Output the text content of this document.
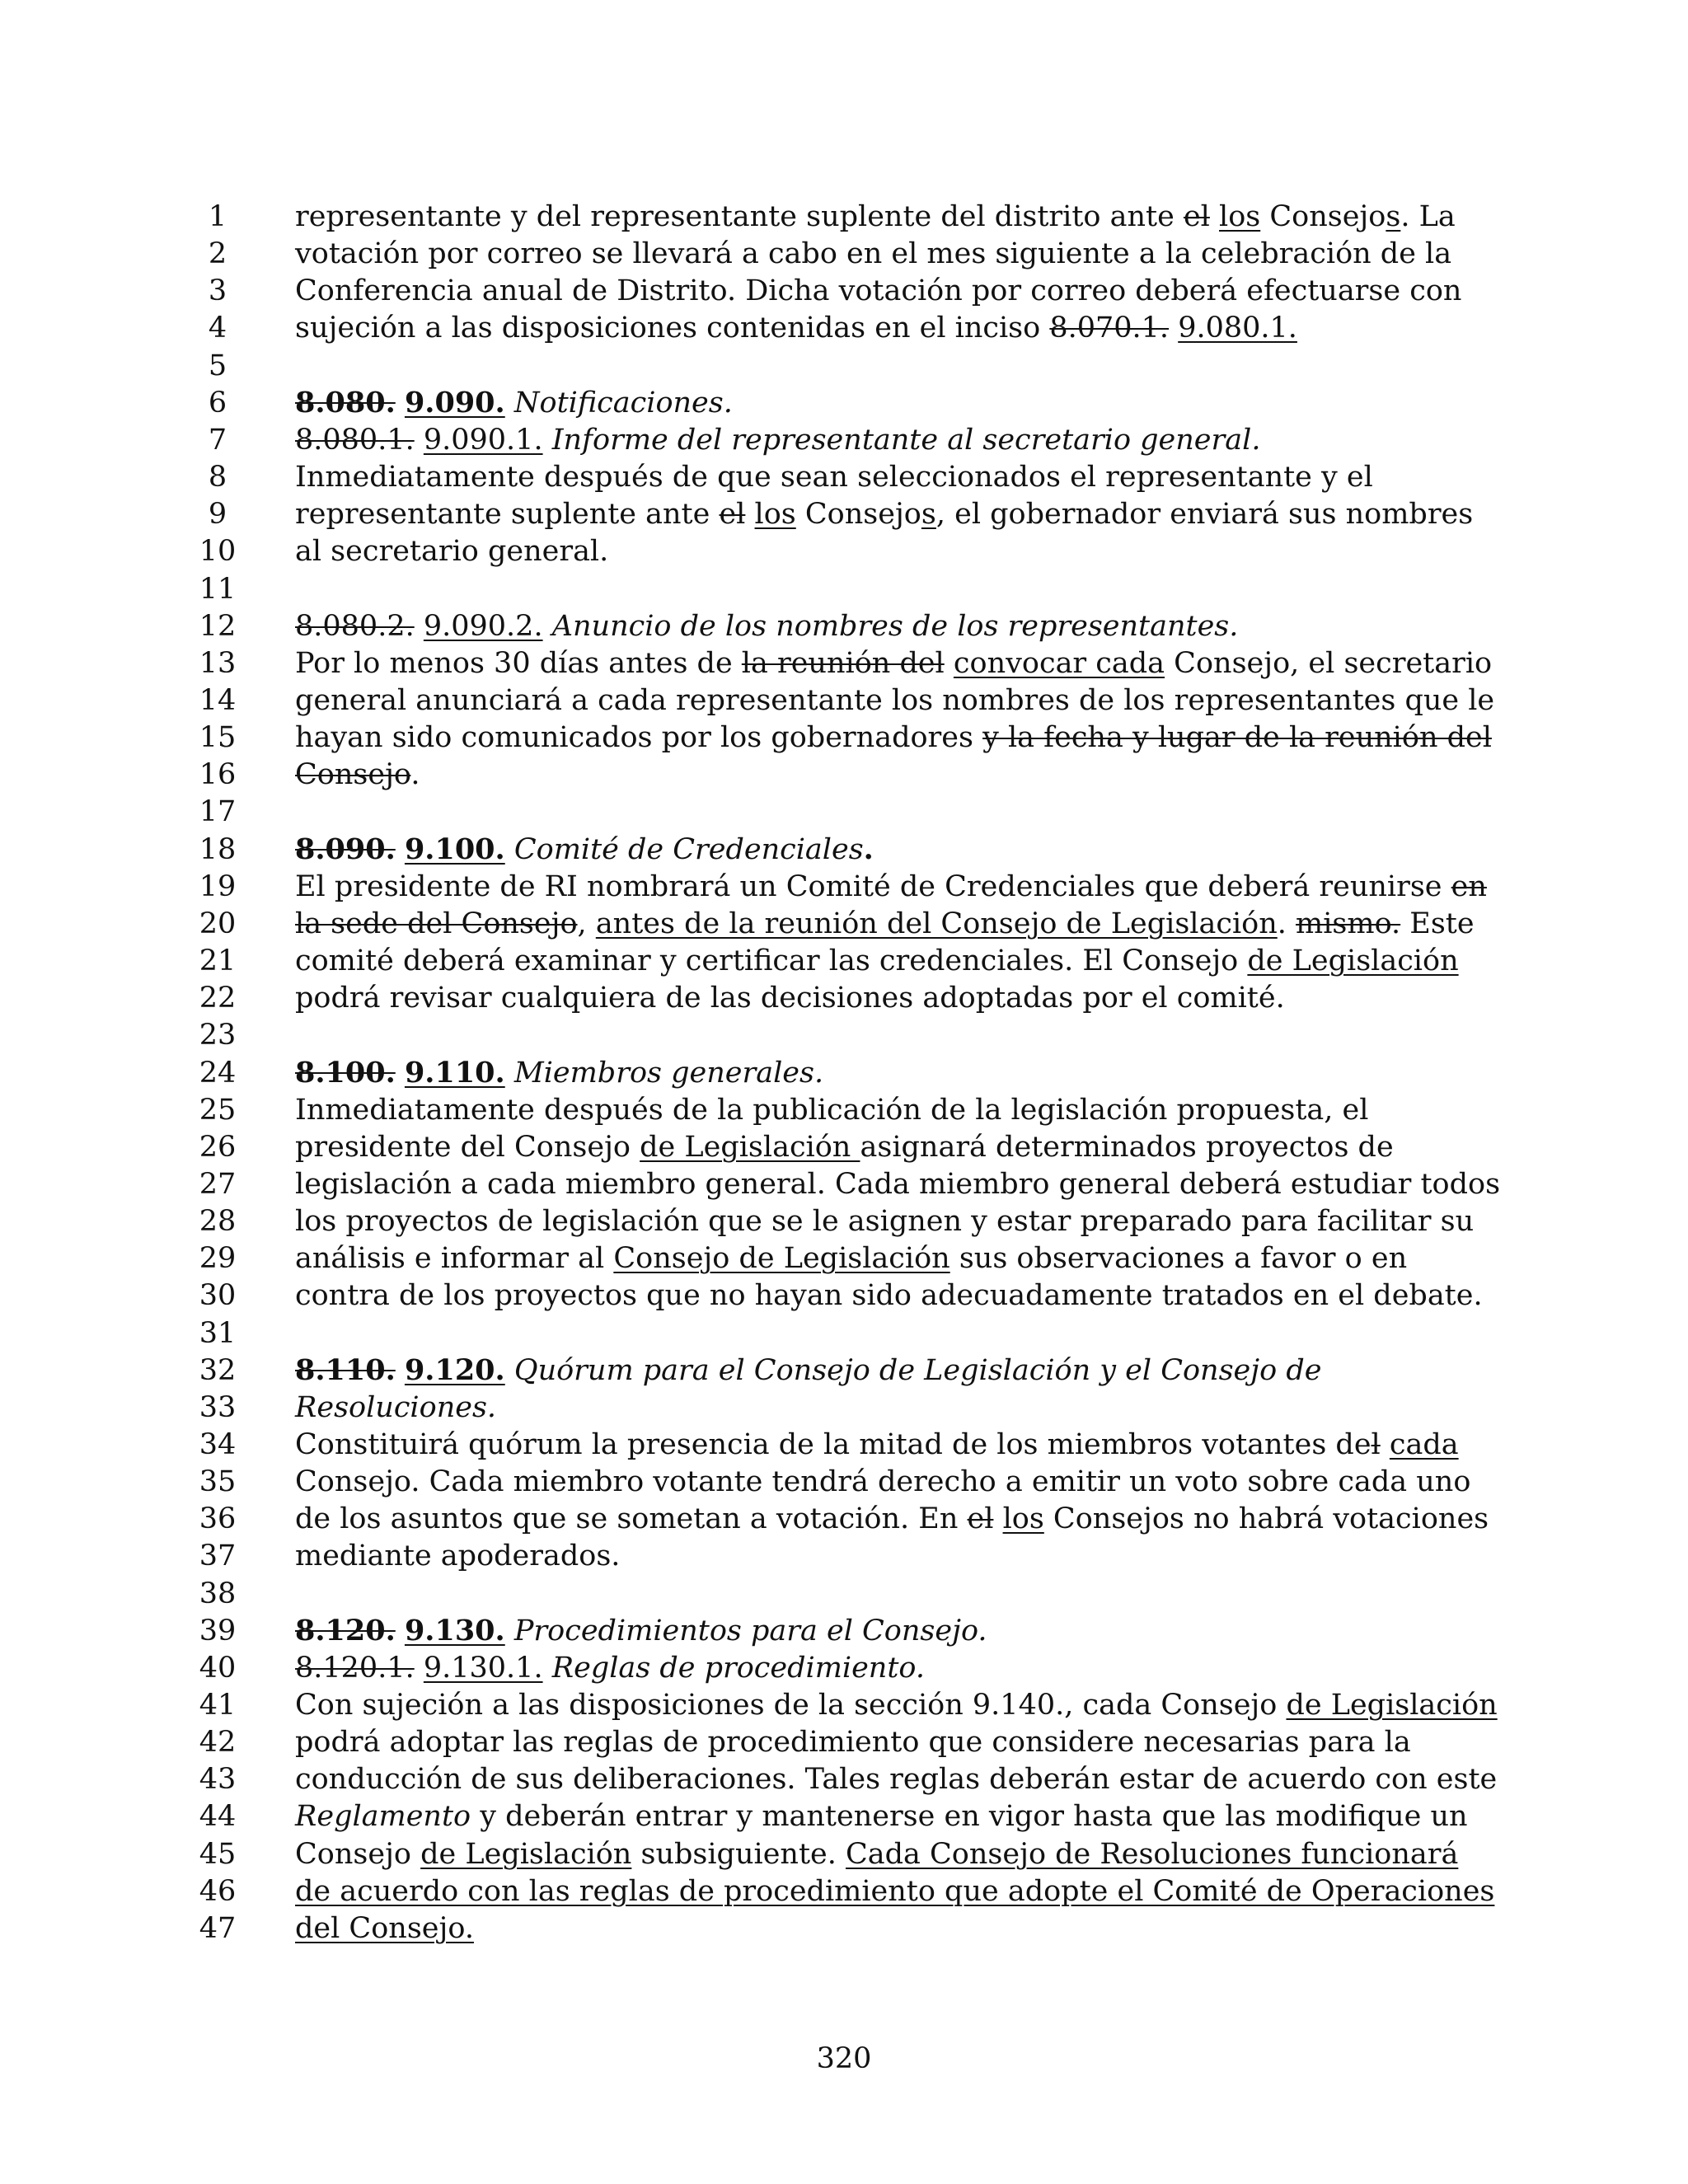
1	representante y del representante suplente del distrito ante el los Consejos. La
2	votación por correo se llevará a cabo en el mes siguiente a la celebración de la
3	Conferencia anual de Distrito. Dicha votación por correo deberá efectuarse con
4	sujeción a las disposiciones contenidas en el inciso 8.070.1. 9.080.1.
5
6	8.080. 9.090. Notificaciones.
7	8.080.1. 9.090.1. Informe del representante al secretario general.
8	Inmediatamente después de que sean seleccionados el representante y el
9	representante suplente ante el los Consejos, el gobernador enviará sus nombres
10	al secretario general.
11
12	8.080.2. 9.090.2. Anuncio de los nombres de los representantes.
13	Por lo menos 30 días antes de la reunión del convocar cada Consejo, el secretario
14	general anunciará a cada representante los nombres de los representantes que le
15	hayan sido comunicados por los gobernadores y la fecha y lugar de la reunión del
16	Consejo.
17
18	8.090. 9.100. Comité de Credenciales.
19	El presidente de RI nombrará un Comité de Credenciales que deberá reunirse en
20	la sede del Consejo, antes de la reunión del Consejo de Legislación. mismo. Este
21	comité deberá examinar y certificar las credenciales. El Consejo de Legislación
22	podrá revisar cualquiera de las decisiones adoptadas por el comité.
23
24	8.100. 9.110. Miembros generales.
25	Inmediatamente después de la publicación de la legislación propuesta, el
26	presidente del Consejo de Legislación asignará determinados proyectos de
27	legislación a cada miembro general. Cada miembro general deberá estudiar todos
28	los proyectos de legislación que se le asignen y estar preparado para facilitar su
29	análisis e informar al Consejo de Legislación sus observaciones a favor o en
30	contra de los proyectos que no hayan sido adecuadamente tratados en el debate.
31
32	8.110. 9.120. Quórum para el Consejo de Legislación y el Consejo de
33	Resoluciones.
34	Constituirá quórum la presencia de la mitad de los miembros votantes del cada
35	Consejo. Cada miembro votante tendrá derecho a emitir un voto sobre cada uno
36	de los asuntos que se sometan a votación. En el los Consejos no habrá votaciones
37	mediante apoderados.
38
39	8.120. 9.130. Procedimientos para el Consejo.
40	8.120.1. 9.130.1. Reglas de procedimiento.
41	Con sujeción a las disposiciones de la sección 9.140., cada Consejo de Legislación
42	podrá adoptar las reglas de procedimiento que considere necesarias para la
43	conducción de sus deliberaciones. Tales reglas deberán estar de acuerdo con este
44	Reglamento y deberán entrar y mantenerse en vigor hasta que las modifique un
45	Consejo de Legislación subsiguiente. Cada Consejo de Resoluciones funcionará
46	de acuerdo con las reglas de procedimiento que adopte el Comité de Operaciones
47	del Consejo.
320
